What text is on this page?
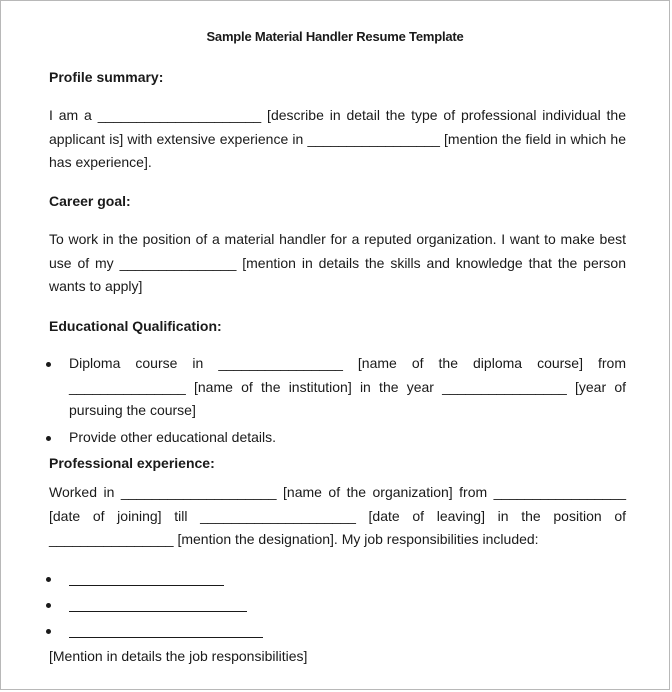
Sample Material Handler Resume Template
Profile summary:
I am a _____________________ [describe in detail the type of professional individual the applicant is] with extensive experience in _________________ [mention the field in which he has experience].
Career goal:
To work in the position of a material handler for a reputed organization. I want to make best use of my _______________ [mention in details the skills and knowledge that the person wants to apply]
Educational Qualification:
Diploma course in ________________ [name of the diploma course] from _______________ [name of the institution] in the year ________________ [year of pursuing the course]
Provide other educational details.
Professional experience:
Worked in ____________________ [name of the organization] from _________________ [date of joining] till ____________________ [date of leaving] in the position of ________________ [mention the designation]. My job responsibilities included:
[Mention in details the job responsibilities]
